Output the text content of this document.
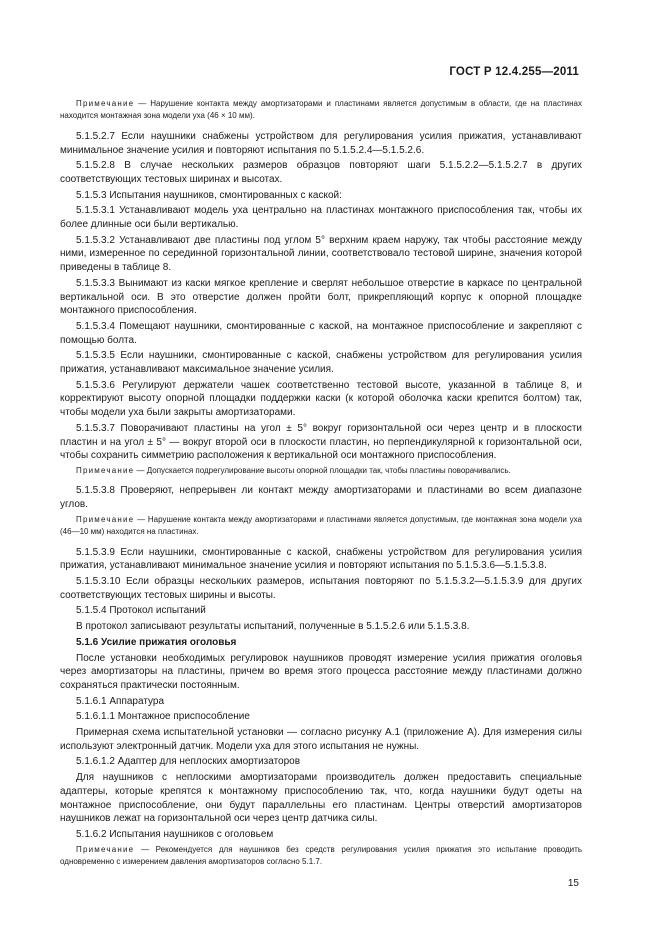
ГОСТ Р 12.4.255—2011

Примечание — Нарушение контакта между амортизаторами и пластинами является допустимым в области, где на пластинах находится монтажная зона модели уха (46 × 10 мм).

5.1.5.2.7 Если наушники снабжены устройством для регулирования усилия прижатия, устанавливают минимальное значение усилия и повторяют испытания по 5.1.5.2.4—5.1.5.2.6.

5.1.5.2.8 В случае нескольких размеров образцов повторяют шаги 5.1.5.2.2—5.1.5.2.7 в других соответствующих тестовых ширинах и высотах.

5.1.5.3 Испытания наушников, смонтированных с каской:

5.1.5.3.1 Устанавливают модель уха центрально на пластинах монтажного приспособления так, чтобы их более длинные оси были вертикалью.

5.1.5.3.2 Устанавливают две пластины под углом 5° верхним краем наружу, так чтобы расстояние между ними, измеренное по серединной горизонтальной линии, соответствовало тестовой ширине, значения которой приведены в таблице 8.

5.1.5.3.3 Вынимают из каски мягкое крепление и сверлят небольшое отверстие в каркасе по центральной вертикальной оси. В это отверстие должен пройти болт, прикрепляющий корпус к опорной площадке монтажного приспособления.

5.1.5.3.4 Помещают наушники, смонтированные с каской, на монтажное приспособление и закрепляют с помощью болта.

5.1.5.3.5 Если наушники, смонтированные с каской, снабжены устройством для регулирования усилия прижатия, устанавливают максимальное значение усилия.

5.1.5.3.6 Регулируют держатели чашек соответственно тестовой высоте, указанной в таблице 8, и корректируют высоту опорной площадки поддержки каски (к которой оболочка каски крепится болтом) так, чтобы модели уха были закрыты амортизаторами.

5.1.5.3.7 Поворачивают пластины на угол ± 5° вокруг горизонтальной оси через центр и в плоскости пластин и на угол ± 5° — вокруг второй оси в плоскости пластин, но перпендикулярной к горизонтальной оси, чтобы сохранить симметрию расположения к вертикальной оси монтажного приспособления.

Примечание — Допускается подрегулирование высоты опорной площадки так, чтобы пластины поворачивались.

5.1.5.3.8 Проверяют, непрерывен ли контакт между амортизаторами и пластинами во всем диапазоне углов.

Примечание — Нарушение контакта между амортизаторами и пластинами является допустимым, где монтажная зона модели уха (46—10 мм) находится на пластинах.

5.1.5.3.9 Если наушники, смонтированные с каской, снабжены устройством для регулирования усилия прижатия, устанавливают минимальное значение усилия и повторяют испытания по 5.1.5.3.6—5.1.5.3.8.

5.1.5.3.10 Если образцы нескольких размеров, испытания повторяют по 5.1.5.3.2—5.1.5.3.9 для других соответствующих тестовых ширины и высоты.

5.1.5.4 Протокол испытаний

В протокол записывают результаты испытаний, полученные в 5.1.5.2.6 или 5.1.5.3.8.

5.1.6 Усилие прижатия оголовья

После установки необходимых регулировок наушников проводят измерение усилия прижатия оголовья через амортизаторы на пластины, причем во время этого процесса расстояние между пластинами должно сохраняться практически постоянным.

5.1.6.1 Аппаратура

5.1.6.1.1 Монтажное приспособление

Примерная схема испытательной установки — согласно рисунку А.1 (приложение А). Для измерения силы используют электронный датчик. Модели уха для этого испытания не нужны.

5.1.6.1.2 Адаптер для неплоских амортизаторов

Для наушников с неплоскими амортизаторами производитель должен предоставить специальные адаптеры, которые крепятся к монтажному приспособлению так, что, когда наушники будут одеты на монтажное приспособление, они будут параллельны его пластинам. Центры отверстий амортизаторов наушников лежат на горизонтальной оси через центр датчика силы.

5.1.6.2 Испытания наушников с оголовьем

Примечание — Рекомендуется для наушников без средств регулирования усилия прижатия это испытание проводить одновременно с измерением давления амортизаторов согласно 5.1.7.

15
